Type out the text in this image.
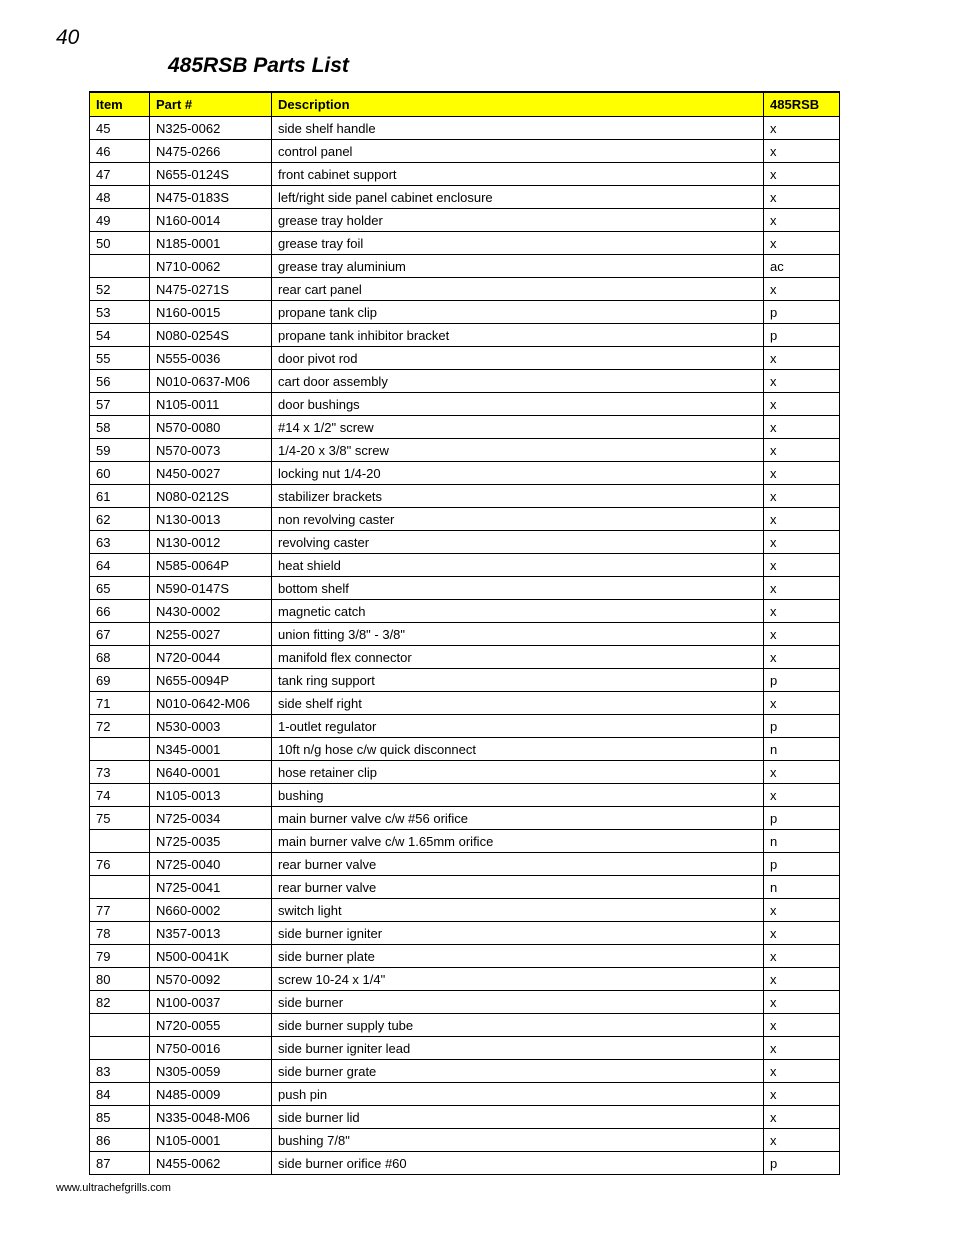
40
485RSB Parts List
Item	Part #	Description	485RSB
45	N325-0062	side shelf handle	x
46	N475-0266	control panel	x
47	N655-0124S	front cabinet support	x
48	N475-0183S	left/right side panel cabinet enclosure	x
49	N160-0014	grease tray holder	x
50	N185-0001	grease tray foil	x
	N710-0062	grease tray aluminium	ac
52	N475-0271S	rear cart panel	x
53	N160-0015	propane tank clip	p
54	N080-0254S	propane tank inhibitor bracket	p
55	N555-0036	door pivot rod	x
56	N010-0637-M06	cart door assembly	x
57	N105-0011	door bushings	x
58	N570-0080	#14 x 1/2" screw	x
59	N570-0073	1/4-20 x 3/8" screw	x
60	N450-0027	locking nut 1/4-20	x
61	N080-0212S	stabilizer brackets	x
62	N130-0013	non revolving caster	x
63	N130-0012	revolving caster	x
64	N585-0064P	heat shield	x
65	N590-0147S	bottom shelf	x
66	N430-0002	magnetic catch	x
67	N255-0027	union fitting 3/8" - 3/8"	x
68	N720-0044	manifold flex connector	x
69	N655-0094P	tank ring support	p
71	N010-0642-M06	side shelf right	x
72	N530-0003	1-outlet regulator	p
	N345-0001	10ft n/g hose c/w quick disconnect	n
73	N640-0001	hose retainer clip	x
74	N105-0013	bushing	x
75	N725-0034	main burner valve c/w #56 orifice	p
	N725-0035	main burner valve c/w 1.65mm orifice	n
76	N725-0040	rear burner valve	p
	N725-0041	rear burner valve	n
77	N660-0002	switch light	x
78	N357-0013	side burner igniter	x
79	N500-0041K	side burner plate	x
80	N570-0092	screw 10-24 x 1/4"	x
82	N100-0037	side burner	x
	N720-0055	side burner supply tube	x
	N750-0016	side burner igniter lead	x
83	N305-0059	side burner grate	x
84	N485-0009	push pin	x
85	N335-0048-M06	side burner lid	x
86	N105-0001	bushing 7/8"	x
87	N455-0062	side burner orifice #60	p
www.ultrachefgrills.com
